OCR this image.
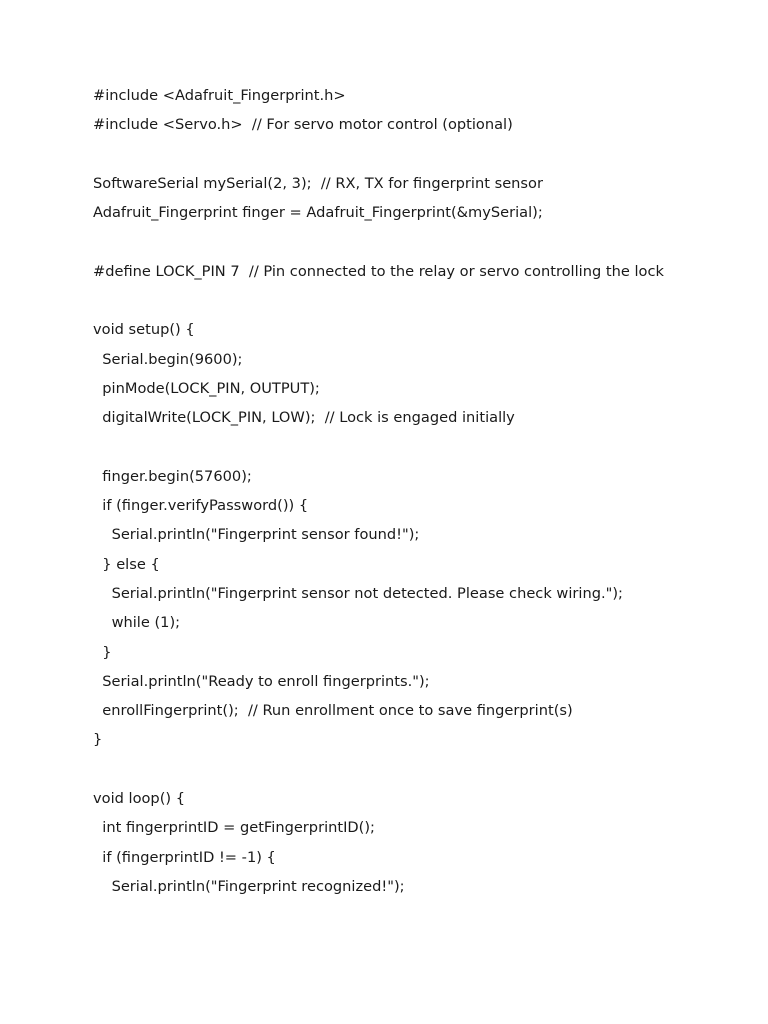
#include <Adafruit_Fingerprint.h>
#include <Servo.h>  // For servo motor control (optional)
SoftwareSerial mySerial(2, 3);  // RX, TX for fingerprint sensor
Adafruit_Fingerprint finger = Adafruit_Fingerprint(&mySerial);
#define LOCK_PIN 7  // Pin connected to the relay or servo controlling the lock
void setup() {
Serial.begin(9600);
pinMode(LOCK_PIN, OUTPUT);
digitalWrite(LOCK_PIN, LOW);  // Lock is engaged initially
finger.begin(57600);
if (finger.verifyPassword()) {
Serial.println("Fingerprint sensor found!");
} else {
Serial.println("Fingerprint sensor not detected. Please check wiring.");
while (1);
}
Serial.println("Ready to enroll fingerprints.");
enrollFingerprint();  // Run enrollment once to save fingerprint(s)
}
void loop() {
int fingerprintID = getFingerprintID();
if (fingerprintID != -1) {
Serial.println("Fingerprint recognized!");
